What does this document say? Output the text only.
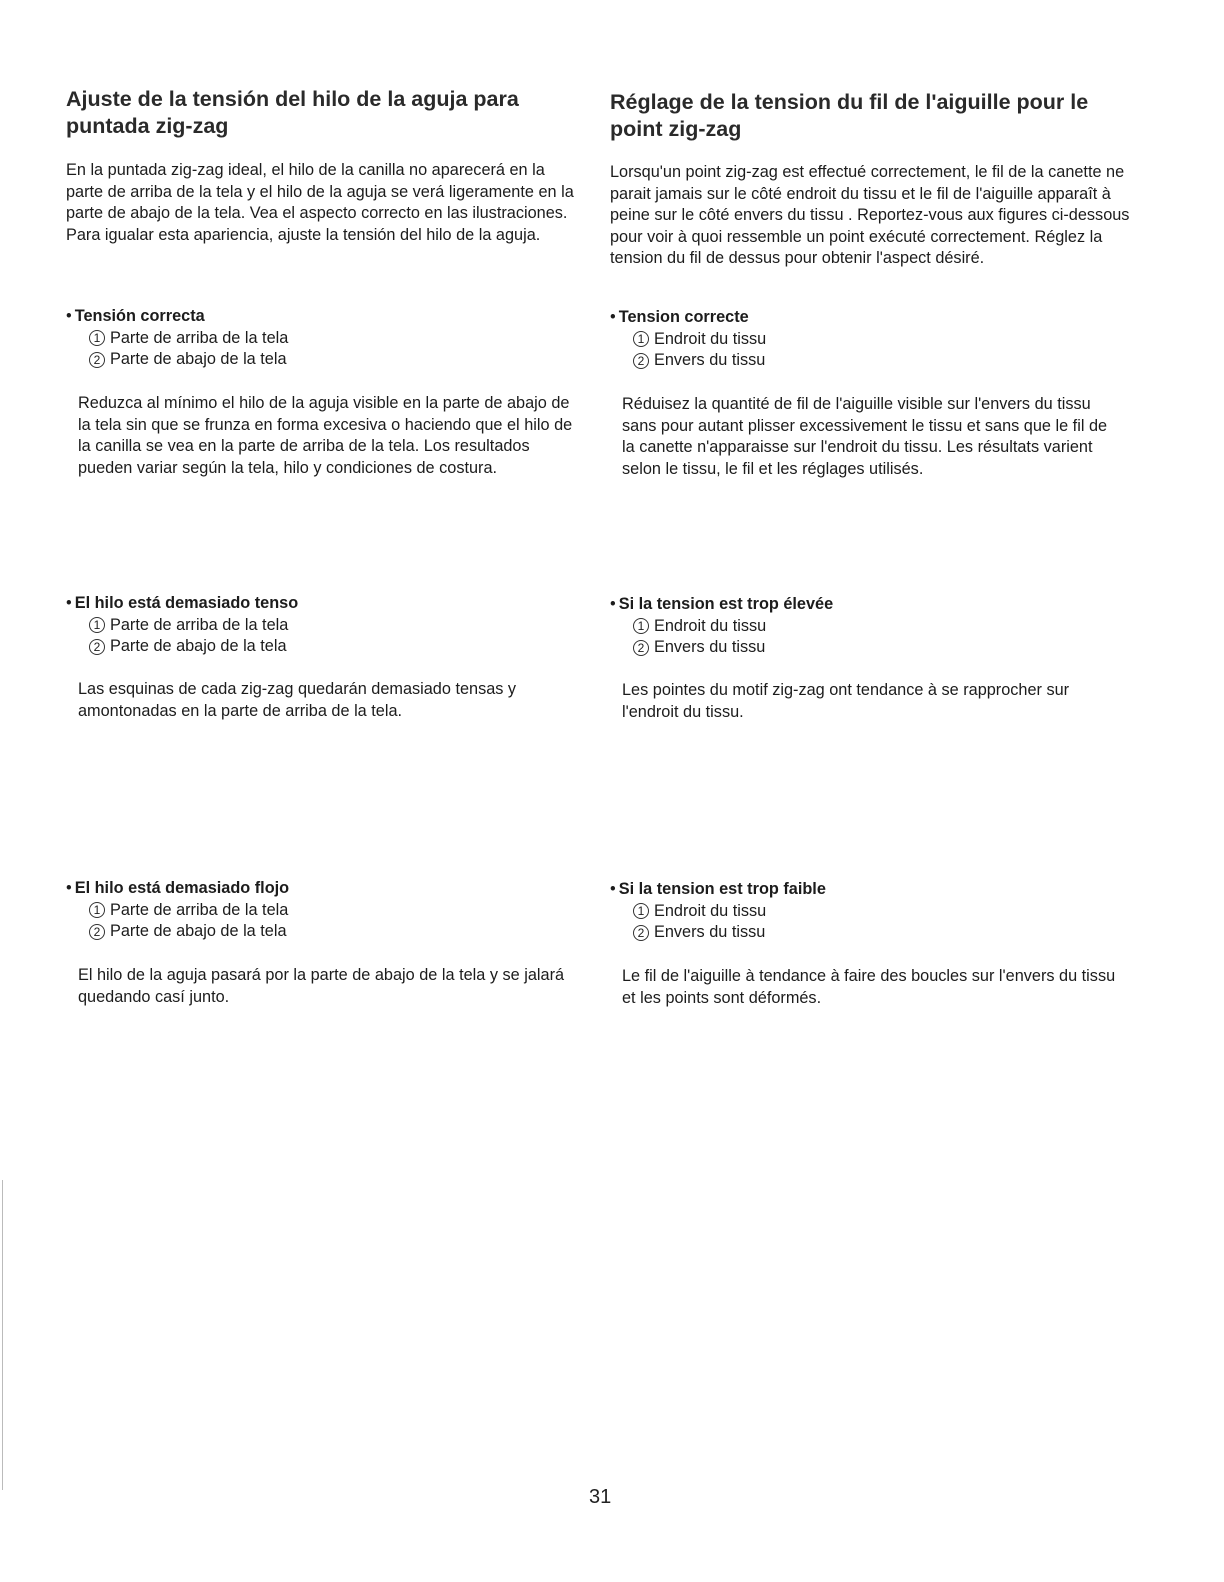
Ajuste de la tensión del hilo de la aguja para puntada zig-zag

En la puntada zig-zag ideal, el hilo de la canilla no aparecerá en la parte de arriba de la tela y el hilo de la aguja se verá ligeramente en la parte de abajo de la tela. Vea el aspecto correcto en las ilustraciones. Para igualar esta apariencia, ajuste la tensión del hilo de la aguja.

• Tensión correcta
1 Parte de arriba de la tela
2 Parte de abajo de la tela

Reduzca al mínimo el hilo de la aguja visible en la parte de abajo de la tela sin que se frunza en forma excesiva o haciendo que el hilo de la canilla se vea en la parte de arriba de la tela. Los resultados pueden variar según la tela, hilo y condiciones de costura.

• El hilo está demasiado tenso
1 Parte de arriba de la tela
2 Parte de abajo de la tela

Las esquinas de cada zig-zag quedarán demasiado tensas y amontonadas en la parte de arriba de la tela.

• El hilo está demasiado flojo
1 Parte de arriba de la tela
2 Parte de abajo de la tela

El hilo de la aguja pasará por la parte de abajo de la tela y se jalará quedando casí junto.

Réglage de la tension du fil de l'aiguille pour le point zig-zag

Lorsqu'un point zig-zag est effectué correctement, le fil de la canette ne parait jamais sur le côté endroit du tissu et le fil de l'aiguille apparaît à peine sur le côté envers du tissu . Reportez-vous aux figures ci-dessous pour voir à quoi ressemble un point exécuté correctement. Réglez la tension du fil de dessus pour obtenir l'aspect désiré.

• Tension correcte
1 Endroit du tissu
2 Envers du tissu

Réduisez la quantité de fil de l'aiguille visible sur l'envers du tissu sans pour autant plisser excessivement le tissu et sans que le fil de la canette n'apparaisse sur l'endroit du tissu. Les résultats varient selon le tissu, le fil et les réglages utilisés.

• Si la tension est trop élevée
1 Endroit du tissu
2 Envers du tissu

Les pointes du motif zig-zag ont tendance à se rapprocher sur l'endroit du tissu.

• Si la tension est trop faible
1 Endroit du tissu
2 Envers du tissu

Le fil de l'aiguille à tendance à faire des boucles sur l'envers du tissu et les points sont déformés.

31
